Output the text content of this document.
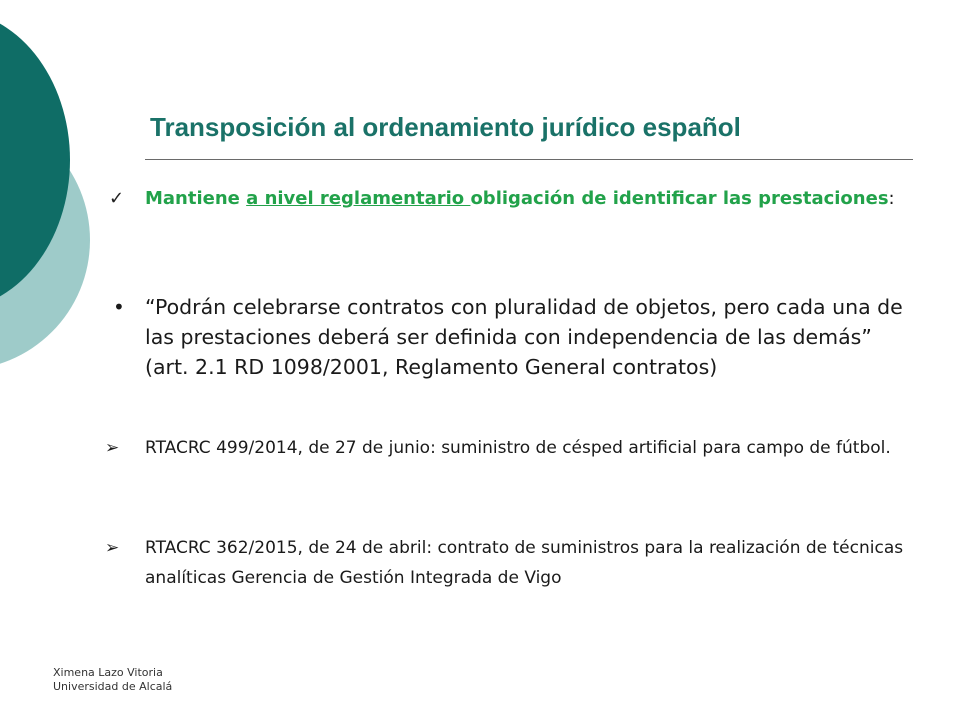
Transposición al ordenamiento jurídico español
✓ Mantiene a nivel reglamentario obligación de identificar las prestaciones:
• “Podrán celebrarse contratos con pluralidad de objetos, pero cada una de las prestaciones deberá ser definida con independencia de las demás” (art. 2.1 RD 1098/2001, Reglamento General contratos)
➢ RTACRC 499/2014, de 27 de junio: suministro de césped artificial para campo de fútbol.
➢ RTACRC 362/2015, de 24 de abril: contrato de suministros para la realización de técnicas analíticas Gerencia de Gestión Integrada de Vigo
Ximena Lazo Vitoria
Universidad de Alcalá
